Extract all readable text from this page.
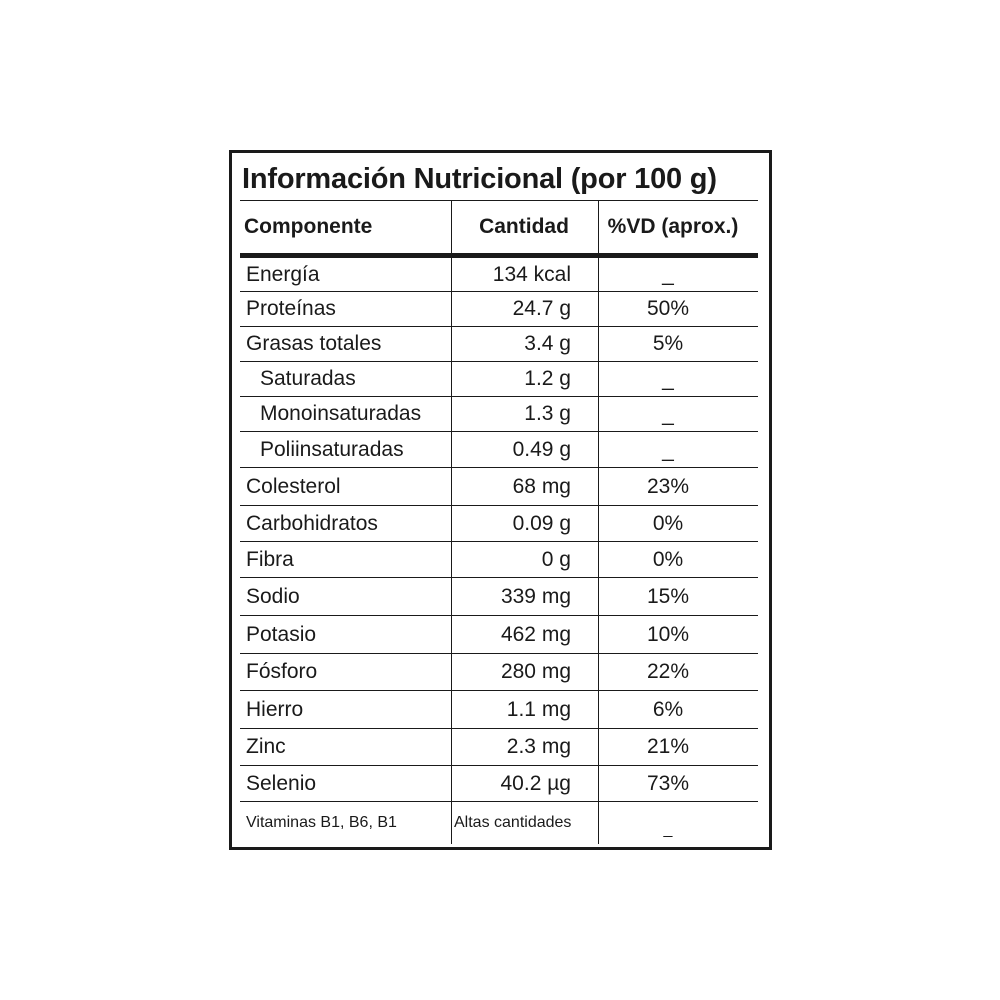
Información Nutricional (por 100 g)
Componente	Cantidad	%VD (aprox.)
Energía	134 kcal	_
Proteínas	24.7 g	50%
Grasas totales	3.4 g	5%
Saturadas	1.2 g	_
Monoinsaturadas	1.3 g	_
Poliinsaturadas	0.49 g	_
Colesterol	68 mg	23%
Carbohidratos	0.09 g	0%
Fibra	0 g	0%
Sodio	339 mg	15%
Potasio	462 mg	10%
Fósforo	280 mg	22%
Hierro	1.1 mg	6%
Zinc	2.3 mg	21%
Selenio	40.2 µg	73%
Vitaminas B1, B6, B1	Altas cantidades	_
